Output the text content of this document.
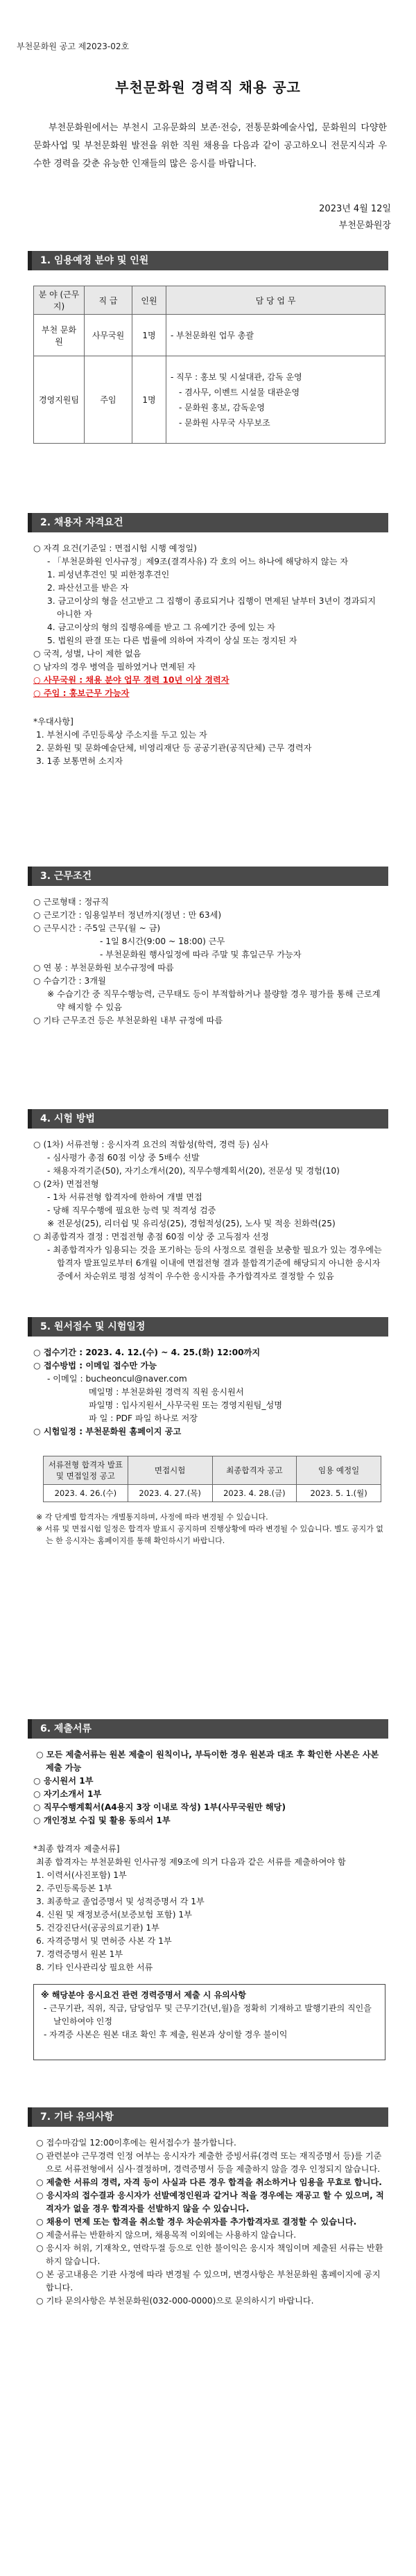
부천문화원 공고 제2023-02호
부천문화원 경력직 채용 공고
부천문화원에서는 부천시 고유문화의 보존·전승, 전통문화예술사업, 문화원의 다양한 문화사업 및 부천문화원 발전을 위한 직원 채용을 다음과 같이 공고하오니 전문지식과 우수한 경력을 갖춘 유능한 인재들의 많은 응시를 바랍니다.
2023년 4월 12일
부천문화원장
1. 임용예정 분야 및 인원
분 야 (근무지)	직 급	인원	담 당 업 무
부천 문화원	사무국원	1명	- 부천문화원 업무 총괄
경영지원팀	주임	1명	- 직무 : 홍보 및 시설대관, 감독 운영
- 겸사무, 이벤트 시설물 대관운영
- 문화원 홍보, 감독운영
- 문화원 사무국 사무보조
2. 채용자 자격요건

○ 자격 요건(기준일 : 면접시험 시행 예정일)

- 「부천문화원 인사규정」제9조(결격사유) 각 호의 어느 하나에 해당하지 않는 자

1. 피성년후견인 및 피한정후견인

2. 파산선고를 받은 자

3. 금고이상의 형을 선고받고 그 집행이 종료되거나 집행이 면제된 날부터 3년이 경과되지 아니한 자

4. 금고이상의 형의 집행유예를 받고 그 유예기간 중에 있는 자

5. 법원의 판결 또는 다른 법률에 의하여 자격이 상실 또는 정지된 자

○ 국적, 성별, 나이 제한 없음

○ 남자의 경우 병역을 필하였거나 면제된 자

○ 사무국원 : 채용 분야 업무 경력 10년 이상 경력자

○ 주임 : 홍보근무 가능자

*우대사항]

1. 부천시에 주민등록상 주소지를 두고 있는 자

2. 문화원 및 문화예술단체, 비영리재단 등 공공기관(공직단체) 근무 경력자

3. 1종 보통면허 소지자

3. 근무조건

○ 근로형태 : 정규직

○ 근로기간 : 임용일부터 정년까지(정년 : 만 63세)

○ 근무시간 : 주5일 근무(월 ~ 금)

- 1일 8시간(9:00 ~ 18:00) 근무

- 부천문화원 행사일정에 따라 주말 및 휴일근무 가능자

○ 연 봉 : 부천문화원 보수규정에 따름

○ 수습기간 : 3개월

※ 수습기간 중 직무수행능력, 근무태도 등이 부적합하거나 불량할 경우 평가를 통해 근로계약 해지할 수 있음

○ 기타 근무조건 등은 부천문화원 내부 규정에 따름

4. 시험 방법

○ (1차) 서류전형 : 응시자격 요건의 적합성(학력, 경력 등) 심사

- 심사평가 총점 60점 이상 중 5배수 선발

- 채용자격기준(50), 자기소개서(20), 직무수행계획서(20), 전문성 및 경험(10)

○ (2차) 면접전형

- 1차 서류전형 합격자에 한하여 개별 면접

- 당해 직무수행에 필요한 능력 및 적격성 검증

※ 전문성(25), 리더쉽 및 유리성(25), 경험적성(25), 노사 및 적응 친화력(25)

○ 최종합격자 결정 : 면접전형 총점 60점 이상 중 고득점자 선정

- 최종합격자가 임용되는 것을 포기하는 등의 사정으로 결원을 보충할 필요가 있는 경우에는 합격자 발표일로부터 6개월 이내에 면접전형 결과 불합격기준에 해당되지 아니한 응시자 중에서 차순위로 평점 성적이 우수한 응시자를 추가합격자로 결정할 수 있음

5. 원서접수 및 시험일정

○ 접수기간 : 2023. 4. 12.(수) ~ 4. 25.(화) 12:00까지

○ 접수방법 : 이메일 접수만 가능

- 이메일 : bucheoncul@naver.com

메일명 : 부천문화원 경력직 직원 응시원서

파일명 : 입사지원서_사무국원 또는 경영지원팀_성명

파 일 : PDF 파일 하나로 저장

○ 시험일정 : 부천문화원 홈페이지 공고

서류전형 합격자 발표 및 면접일정 공고	면접시험	최종합격자 공고	임용 예정일
2023. 4. 26.(수)	2023. 4. 27.(목)	2023. 4. 28.(금)	2023. 5. 1.(월)

※ 각 단계별 합격자는 개별통지하며, 사정에 따라 변경될 수 있습니다.

※ 서류 및 면접시험 일정은 합격자 발표시 공지하며 진행상황에 따라 변경될 수 있습니다. 별도 공지가 없는 한 응시자는 홈페이지를 통해 확인하시기 바랍니다.

6. 제출서류

○ 모든 제출서류는 원본 제출이 원칙이나, 부득이한 경우 원본과 대조 후 확인한 사본은 사본 제출 가능

○ 응시원서 1부

○ 자기소개서 1부

○ 직무수행계획서(A4용지 3장 이내로 작성) 1부(사무국원만 해당)

○ 개인정보 수집 및 활용 동의서 1부

*최종 합격자 제출서류]

최종 합격자는 부천문화원 인사규정 제9조에 의거 다음과 같은 서류를 제출하여야 함

1. 이력서(사진포함) 1부

2. 주민등록등본 1부

3. 최종학교 졸업증명서 및 성적증명서 각 1부

4. 신원 및 재정보증서(보증보험 포함) 1부

5. 건강진단서(공공의료기관) 1부

6. 자격증명서 및 면허증 사본 각 1부

7. 경력증명서 원본 1부

8. 기타 인사관리상 필요한 서류

※ 해당분야 응시요건 관련 경력증명서 제출 시 유의사항

- 근무기관, 직위, 직급, 담당업무 및 근무기간(년,월)을 정확히 기재하고 발행기관의 직인을 날인하여야 인정

- 자격증 사본은 원본 대조 확인 후 제출, 원본과 상이할 경우 불이익

7. 기타 유의사항

○ 접수마감일 12:00이후에는 원서접수가 불가합니다.

○ 관련분야 근무경력 인정 여부는 응시자가 제출한 증빙서류(경력 또는 재직증명서 등)를 기준으로 서류전형에서 심사·결정하며, 경력증명서 등을 제출하지 않을 경우 인정되지 않습니다.

○ 제출한 서류의 경력, 자격 등이 사실과 다른 경우 합격을 취소하거나 임용을 무효로 합니다.

○ 응시자의 접수결과 응시자가 선발예정인원과 같거나 적을 경우에는 재공고 할 수 있으며, 적격자가 없을 경우 합격자를 선발하지 않을 수 있습니다.

○ 채용이 면제 또는 합격을 취소할 경우 차순위자를 추가합격자로 결정할 수 있습니다.

○ 제출서류는 반환하지 않으며, 채용목적 이외에는 사용하지 않습니다.

○ 응시자 허위, 기재착오, 연락두절 등으로 인한 불이익은 응시자 책임이며 제출된 서류는 반환하지 않습니다.

○ 본 공고내용은 기관 사정에 따라 변경될 수 있으며, 변경사항은 부천문화원 홈페이지에 공지합니다.

○ 기타 문의사항은 부천문화원(032-000-0000)으로 문의하시기 바랍니다.
